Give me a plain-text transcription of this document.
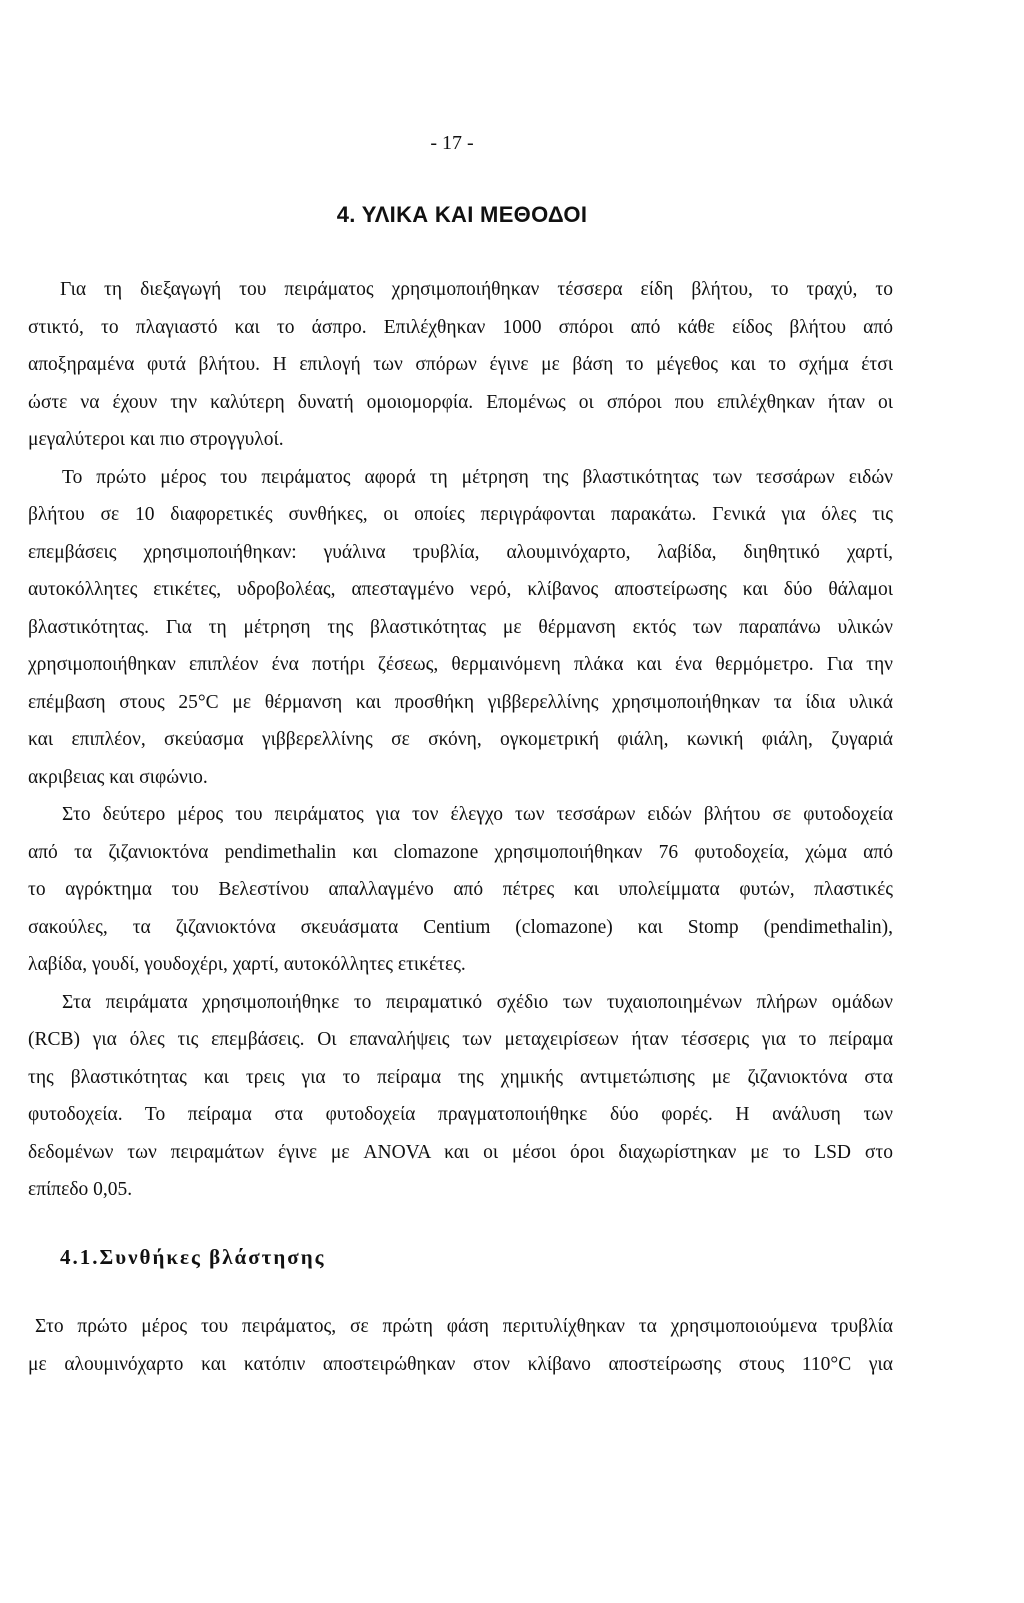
- 17 -
4. ΥΛΙΚΑ ΚΑΙ ΜΕΘΟΔΟΙ
Για τη διεξαγωγή του πειράματος χρησιμοποιήθηκαν τέσσερα είδη βλήτου, το τραχύ, το
στικτό, το πλαγιαστό και το άσπρο. Επιλέχθηκαν 1000 σπόροι από κάθε είδος βλήτου από
αποξηραμένα φυτά βλήτου. Η επιλογή των σπόρων έγινε με βάση το μέγεθος και το σχήμα έτσι
ώστε να έχουν την καλύτερη δυνατή ομοιομορφία. Επομένως οι σπόροι που επιλέχθηκαν ήταν οι
μεγαλύτεροι και πιο στρογγυλοί.
Το πρώτο μέρος του πειράματος αφορά τη μέτρηση της βλαστικότητας των τεσσάρων ειδών
βλήτου σε 10 διαφορετικές συνθήκες, οι οποίες περιγράφονται παρακάτω. Γενικά για όλες τις
επεμβάσεις χρησιμοποιήθηκαν: γυάλινα τρυβλία, αλουμινόχαρτο, λαβίδα, διηθητικό χαρτί,
αυτοκόλλητες ετικέτες, υδροβολέας, απεσταγμένο νερό, κλίβανος αποστείρωσης και δύο θάλαμοι
βλαστικότητας. Για τη μέτρηση της βλαστικότητας με θέρμανση εκτός των παραπάνω υλικών
χρησιμοποιήθηκαν επιπλέον ένα ποτήρι ζέσεως, θερμαινόμενη πλάκα και ένα θερμόμετρο. Για την
επέμβαση στους 25°C με θέρμανση και προσθήκη γιββερελλίνης χρησιμοποιήθηκαν τα ίδια υλικά
και επιπλέον, σκεύασμα γιββερελλίνης σε σκόνη, ογκομετρική φιάλη, κωνική φιάλη, ζυγαριά
ακριβειας και σιφώνιο.
Στο δεύτερο μέρος του πειράματος για τον έλεγχο των τεσσάρων ειδών βλήτου σε φυτοδοχεία
από τα ζιζανιοκτόνα pendimethalin και clomazone χρησιμοποιήθηκαν 76 φυτοδοχεία, χώμα από
το αγρόκτημα του Βελεστίνου απαλλαγμένο από πέτρες και υπολείμματα φυτών, πλαστικές
σακούλες, τα ζιζανιοκτόνα σκευάσματα Centium (clomazone) και Stomp (pendimethalin),
λαβίδα, γουδί, γουδοχέρι, χαρτί, αυτοκόλλητες ετικέτες.
Στα πειράματα χρησιμοποιήθηκε το πειραματικό σχέδιο των τυχαιοποιημένων πλήρων ομάδων
(RCB) για όλες τις επεμβάσεις. Οι επαναλήψεις των μεταχειρίσεων ήταν τέσσερις για το πείραμα
της βλαστικότητας και τρεις για το πείραμα της χημικής αντιμετώπισης με ζιζανιοκτόνα στα
φυτοδοχεία. Το πείραμα στα φυτοδοχεία πραγματοποιήθηκε δύο φορές. Η ανάλυση των
δεδομένων των πειραμάτων έγινε με ANOVA και οι μέσοι όροι διαχωρίστηκαν με το LSD στο
επίπεδο 0,05.
4.1.Συνθήκες βλάστησης
Στο πρώτο μέρος του πειράματος, σε πρώτη φάση περιτυλίχθηκαν τα χρησιμοποιούμενα τρυβλία
με αλουμινόχαρτο και κατόπιν αποστειρώθηκαν στον κλίβανο αποστείρωσης στους 110°C για
